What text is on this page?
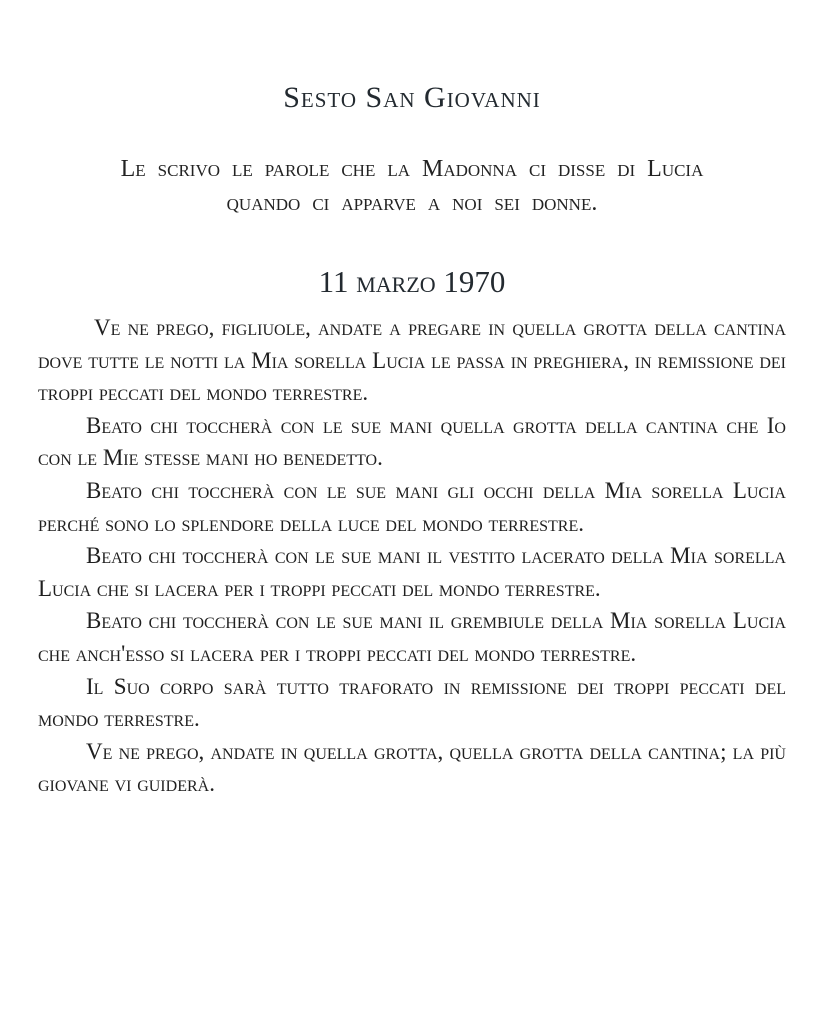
Sesto San Giovanni
Le scrivo le parole che la Madonna ci disse di Lucia
quando ci apparve a noi sei donne.
11 marzo 1970

Ve ne prego, figliuole, andate a pregare in quella grotta della cantina dove tutte le notti la Mia sorella Lucia le passa in preghiera, in remissione dei troppi peccati del mondo terrestre.

Beato chi toccherà con le sue mani quella grotta della cantina che Io con le Mie stesse mani ho benedetto.

Beato chi toccherà con le sue mani gli occhi della Mia sorella Lucia perché sono lo splendore della luce del mondo terrestre.

Beato chi toccherà con le sue mani il vestito lacerato della Mia sorella Lucia che si lacera per i troppi peccati del mondo terrestre.

Beato chi toccherà con le sue mani il grembiule della Mia sorella Lucia che anch'esso si lacera per i troppi peccati del mondo terrestre.

Il Suo corpo sarà tutto traforato in remissione dei troppi peccati del mondo terrestre.

Ve ne prego, andate in quella grotta, quella grotta della cantina; la più giovane vi guiderà.
